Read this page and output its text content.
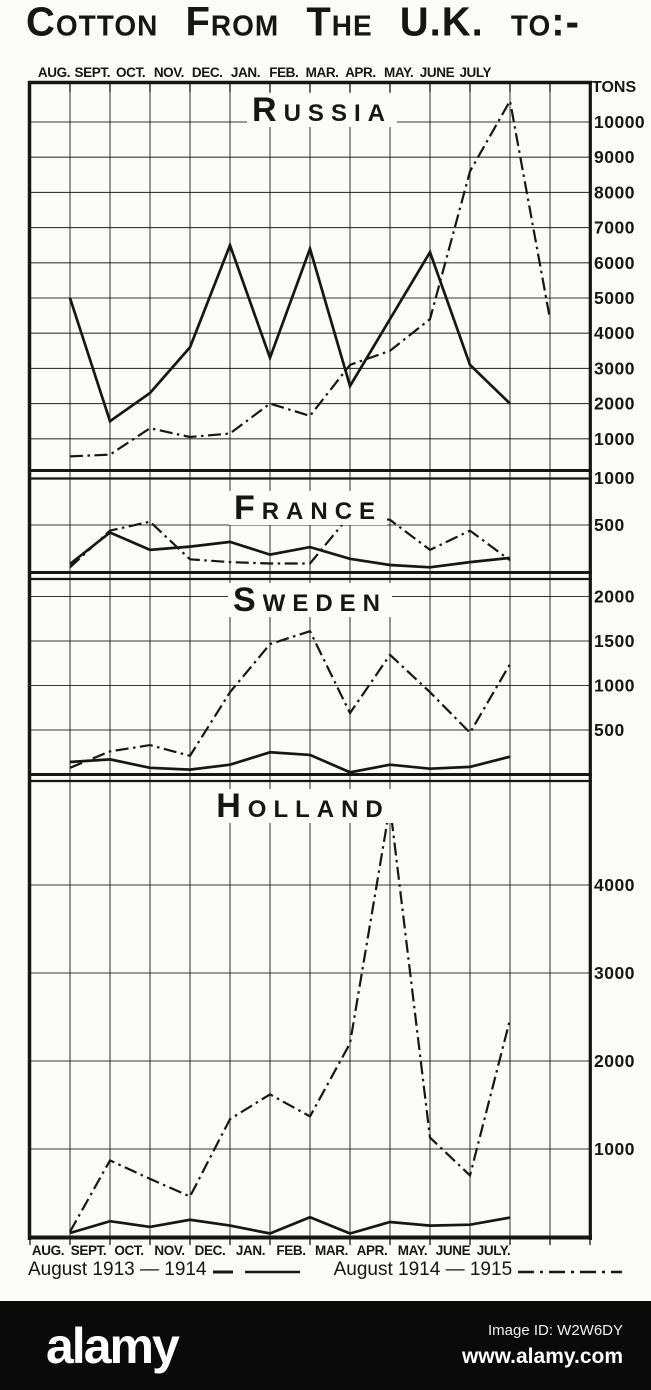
Cotton From The U.K. to:-
1000
2000
3000
4000
5000
6000
7000
8000
9000
10000
Russia
500
1000
France
500
1000
1500
2000
Sweden
1000
2000
3000
4000
Holland
AUG. SEPT. OCT. NOV. DEC. JAN. FEB. MAR. APR. MAY. JUNE JULY
AUG. SEPT. OCT. NOV. DEC. JAN. FEB. MAR. APR. MAY. JUNE JULY.
TONS
August 1913 — 1914	August 1914 — 1915
alamy	Image ID: W2W6DY
www.alamy.com
